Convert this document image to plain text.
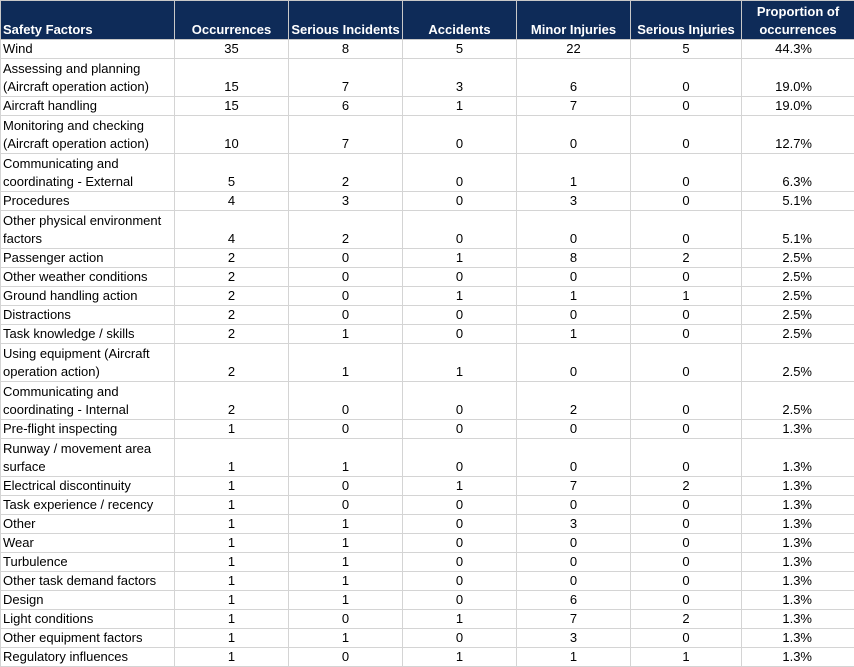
Safety Factors	Occurrences	Serious Incidents	Accidents	Minor Injuries	Serious Injuries	Proportion of occurrences
Wind	35	8	5	22	5	44.3%
Assessing and planning (Aircraft operation action)	15	7	3	6	0	19.0%
Aircraft handling	15	6	1	7	0	19.0%
Monitoring and checking (Aircraft operation action)	10	7	0	0	0	12.7%
Communicating and coordinating - External	5	2	0	1	0	6.3%
Procedures	4	3	0	3	0	5.1%
Other physical environment factors	4	2	0	0	0	5.1%
Passenger action	2	0	1	8	2	2.5%
Other weather conditions	2	0	0	0	0	2.5%
Ground handling action	2	0	1	1	1	2.5%
Distractions	2	0	0	0	0	2.5%
Task knowledge / skills	2	1	0	1	0	2.5%
Using equipment (Aircraft operation action)	2	1	1	0	0	2.5%
Communicating and coordinating - Internal	2	0	0	2	0	2.5%
Pre-flight inspecting	1	0	0	0	0	1.3%
Runway / movement area surface	1	1	0	0	0	1.3%
Electrical discontinuity	1	0	1	7	2	1.3%
Task experience / recency	1	0	0	0	0	1.3%
Other	1	1	0	3	0	1.3%
Wear	1	1	0	0	0	1.3%
Turbulence	1	1	0	0	0	1.3%
Other task demand factors	1	1	0	0	0	1.3%
Design	1	1	0	6	0	1.3%
Light conditions	1	0	1	7	2	1.3%
Other equipment factors	1	1	0	3	0	1.3%
Regulatory influences	1	0	1	1	1	1.3%
